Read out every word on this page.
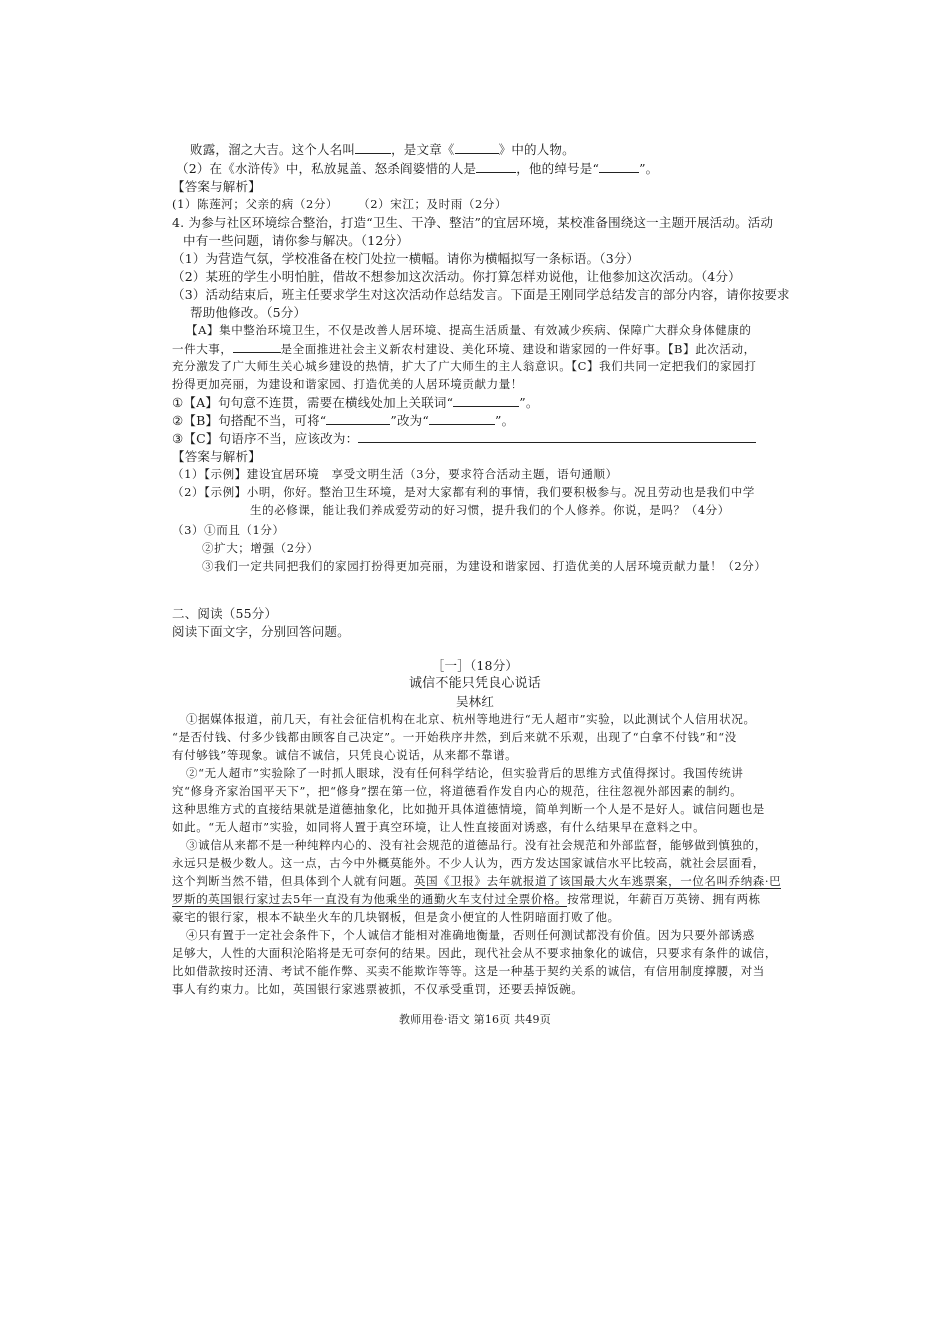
败露，溜之大吉。这个人名叫	，是文章《	》中的人物。
（2）在《水浒传》中，私放晁盖、怒杀阎婆惜的人是	，他的绰号是“	”。
【答案与解析】
(1）陈莲河；父亲的病（2分） （2）宋江；及时雨（2分）
4. 为参与社区环境综合整治，打造“卫生、干净、整洁”的宜居环境，某校准备围绕这一主题开展活动。活动
中有一些问题，请你参与解决。（12分）
（1）为营造气氛，学校准备在校门处拉一横幅。请你为横幅拟写一条标语。（3分）
（2）某班的学生小明怕脏，借故不想参加这次活动。你打算怎样劝说他，让他参加这次活动。（4分）
（3）活动结束后，班主任要求学生对这次活动作总结发言。下面是王刚同学总结发言的部分内容，请你按要求
帮助他修改。（5分）
【A】集中整治环境卫生，不仅是改善人居环境、提高生活质量、有效减少疾病、保障广大群众身体健康的
一件大事，	是全面推进社会主义新农村建设、美化环境、建设和谐家园的一件好事。【B】此次活动，
充分激发了广大师生关心城乡建设的热情，扩大了广大师生的主人翁意识。【C】我们共同一定把我们的家园打
扮得更加亮丽，为建设和谐家园、打造优美的人居环境贡献力量！
①【A】句句意不连贯，需要在横线处加上关联词“	”。
②【B】句搭配不当，可将“	”改为“	”。
③【C】句语序不当，应该改为：
【答案与解析】
（1）【示例】建设宜居环境　享受文明生活（3分，要求符合活动主题，语句通顺）
（2）【示例】小明，你好。整治卫生环境，是对大家都有利的事情，我们要积极参与。况且劳动也是我们中学
生的必修课，能让我们养成爱劳动的好习惯，提升我们的个人修养。你说，是吗？（4分）
（3）①而且（1分）
②扩大；增强（2分）
③我们一定共同把我们的家园打扮得更加亮丽，为建设和谐家园、打造优美的人居环境贡献力量！（2分）
二、阅读（55分）
阅读下面文字，分别回答问题。
［一］（18分）
诚信不能只凭良心说话
吴林红
①据媒体报道，前几天，有社会征信机构在北京、杭州等地进行“无人超市”实验，以此测试个人信用状况。
“是否付钱、付多少钱都由顾客自己决定”。一开始秩序井然，到后来就不乐观，出现了“白拿不付钱”和“没
有付够钱”等现象。诚信不诚信，只凭良心说话，从来都不靠谱。
②“无人超市”实验除了一时抓人眼球，没有任何科学结论，但实验背后的思维方式值得探讨。我国传统讲
究“修身齐家治国平天下”，把“修身”摆在第一位，将道德看作发自内心的规范，往往忽视外部因素的制约。
这种思维方式的直接结果就是道德抽象化，比如抛开具体道德情境，简单判断一个人是不是好人。诚信问题也是
如此。“无人超市”实验，如同将人置于真空环境，让人性直接面对诱惑，有什么结果早在意料之中。
③诚信从来都不是一种纯粹内心的、没有社会规范的道德品行。没有社会规范和外部监督，能够做到慎独的，
永远只是极少数人。这一点，古今中外概莫能外。不少人认为，西方发达国家诚信水平比较高，就社会层面看，
这个判断当然不错，但具体到个人就有问题。英国《卫报》去年就报道了该国最大火车逃票案，一位名叫乔纳森·巴
罗斯的英国银行家过去5年一直没有为他乘坐的通勤火车支付过全票价格。按常理说，年薪百万英镑、拥有两栋
豪宅的银行家，根本不缺坐火车的几块钢板，但是贪小便宜的人性阴暗面打败了他。
④只有置于一定社会条件下，个人诚信才能相对准确地衡量，否则任何测试都没有价值。因为只要外部诱惑
足够大，人性的大面积沦陷将是无可奈何的结果。因此，现代社会从不要求抽象化的诚信，只要求有条件的诚信，
比如借款按时还清、考试不能作弊、买卖不能欺诈等等。这是一种基于契约关系的诚信，有信用制度撑腰，对当
事人有约束力。比如，英国银行家逃票被抓，不仅承受重罚，还要丢掉饭碗。
教师用卷·语文 第16页 共49页
